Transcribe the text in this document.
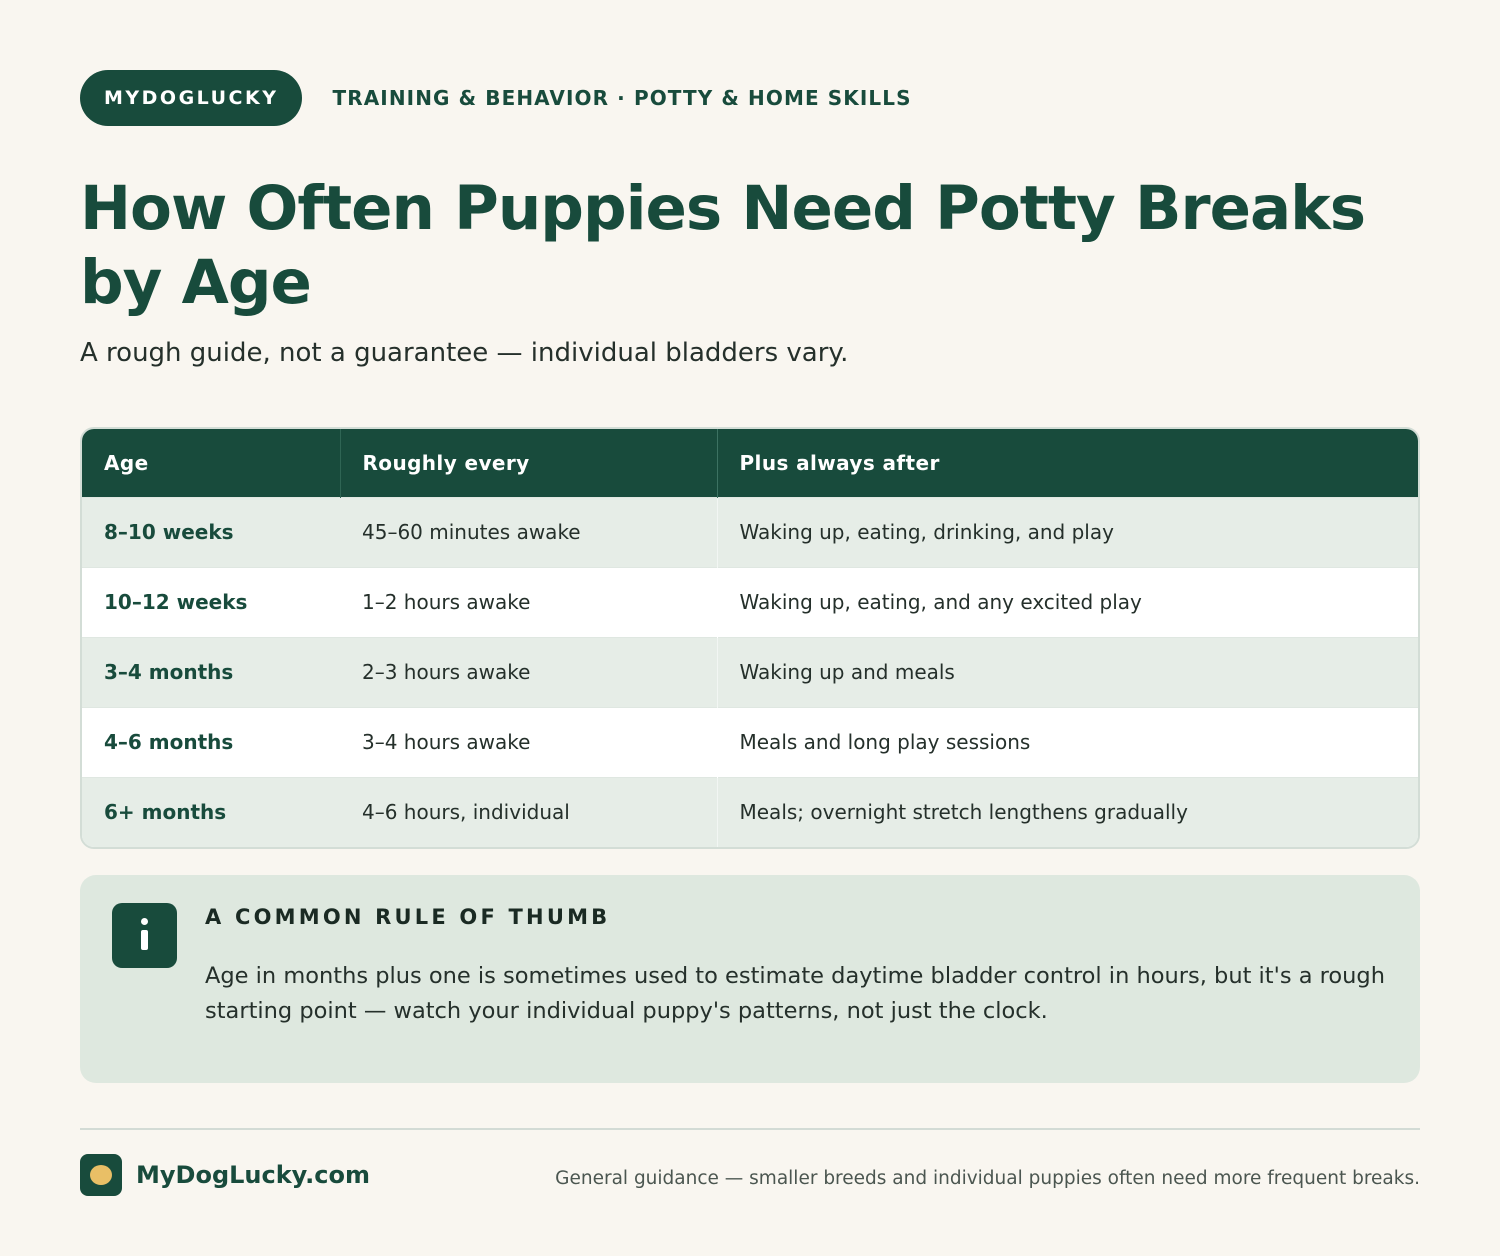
MYDOGLUCKY	TRAINING & BEHAVIOR · POTTY & HOME SKILLS
How Often Puppies Need Potty Breaks by Age

A rough guide, not a guarantee — individual bladders vary.

Age	Roughly every	Plus always after
8–10 weeks	45–60 minutes awake	Waking up, eating, drinking, and play
10–12 weeks	1–2 hours awake	Waking up, eating, and any excited play
3–4 months	2–3 hours awake	Waking up and meals
4–6 months	3–4 hours awake	Meals and long play sessions
6+ months	4–6 hours, individual	Meals; overnight stretch lengthens gradually
A COMMON RULE OF THUMB

Age in months plus one is sometimes used to estimate daytime bladder control in hours, but it's a rough starting point — watch your individual puppy's patterns, not just the clock.

MyDogLucky.com	General guidance — smaller breeds and individual puppies often need more frequent breaks.
